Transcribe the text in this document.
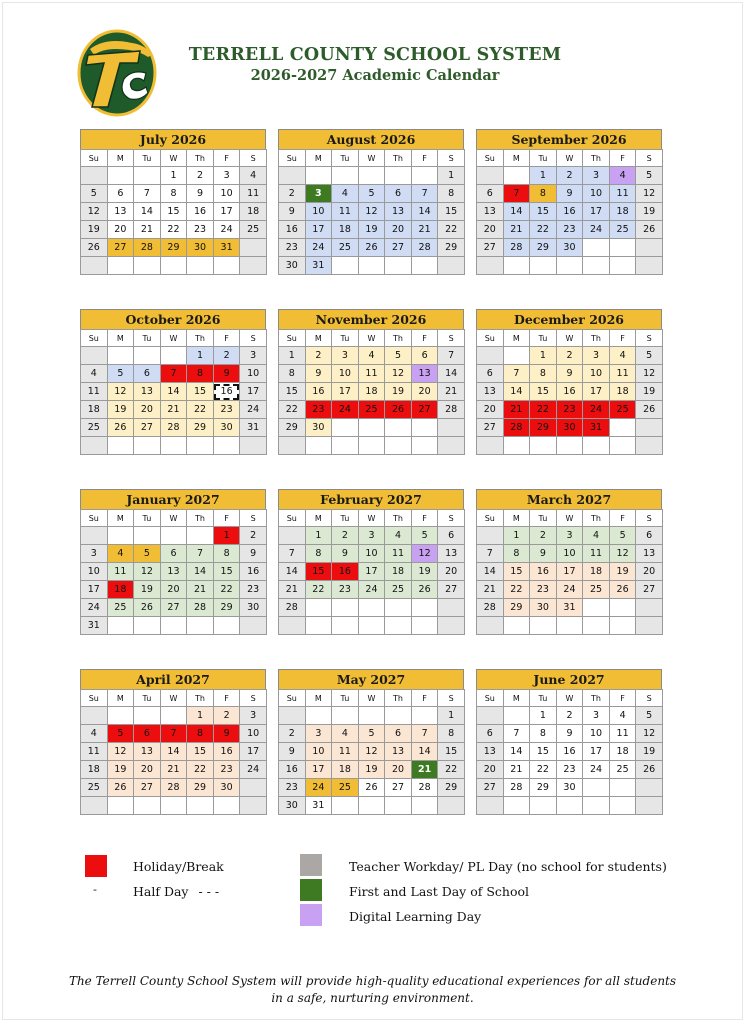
TERRELL COUNTY SCHOOL SYSTEM
2026-2027 Academic Calendar
July 2026
Su	M	Tu	W	Th	F	S
			1	2	3	4
5	6	7	8	9	10	11
12	13	14	15	16	17	18
19	20	21	22	23	24	25
26	27	28	29	30	31	

August 2026
Su	M	Tu	W	Th	F	S
						1
2	3	4	5	6	7	8
9	10	11	12	13	14	15
16	17	18	19	20	21	22
23	24	25	26	27	28	29
30	31					
September 2026
Su	M	Tu	W	Th	F	S
		1	2	3	4	5
6	7	8	9	10	11	12
13	14	15	16	17	18	19
20	21	22	23	24	25	26
27	28	29	30			

October 2026
Su	M	Tu	W	Th	F	S
				1	2	3
4	5	6	7	8	9	10
11	12	13	14	15	16	17
18	19	20	21	22	23	24
25	26	27	28	29	30	31

November 2026
Su	M	Tu	W	Th	F	S
1	2	3	4	5	6	7
8	9	10	11	12	13	14
15	16	17	18	19	20	21
22	23	24	25	26	27	28
29	30					

December 2026
Su	M	Tu	W	Th	F	S
		1	2	3	4	5
6	7	8	9	10	11	12
13	14	15	16	17	18	19
20	21	22	23	24	25	26
27	28	29	30	31		

January 2027
Su	M	Tu	W	Th	F	S
					1	2
3	4	5	6	7	8	9
10	11	12	13	14	15	16
17	18	19	20	21	22	23
24	25	26	27	28	29	30
31						
February 2027
Su	M	Tu	W	Th	F	S
	1	2	3	4	5	6
7	8	9	10	11	12	13
14	15	16	17	18	19	20
21	22	23	24	25	26	27
28						

March 2027
Su	M	Tu	W	Th	F	S
	1	2	3	4	5	6
7	8	9	10	11	12	13
14	15	16	17	18	19	20
21	22	23	24	25	26	27
28	29	30	31			

April 2027
Su	M	Tu	W	Th	F	S
				1	2	3
4	5	6	7	8	9	10
11	12	13	14	15	16	17
18	19	20	21	22	23	24
25	26	27	28	29	30	

May 2027
Su	M	Tu	W	Th	F	S
						1
2	3	4	5	6	7	8
9	10	11	12	13	14	15
16	17	18	19	20	21	22
23	24	25	26	27	28	29
30	31					
June 2027
Su	M	Tu	W	Th	F	S
		1	2	3	4	5
6	7	8	9	10	11	12
13	14	15	16	17	18	19
20	21	22	23	24	25	26
27	28	29	30			

Holiday/Break
-	Half Day - - -
Teacher Workday/ PL Day (no school for students)
First and Last Day of School
Digital Learning Day
The Terrell County School System will provide high-quality educational experiences for all students
in a safe, nurturing environment.
